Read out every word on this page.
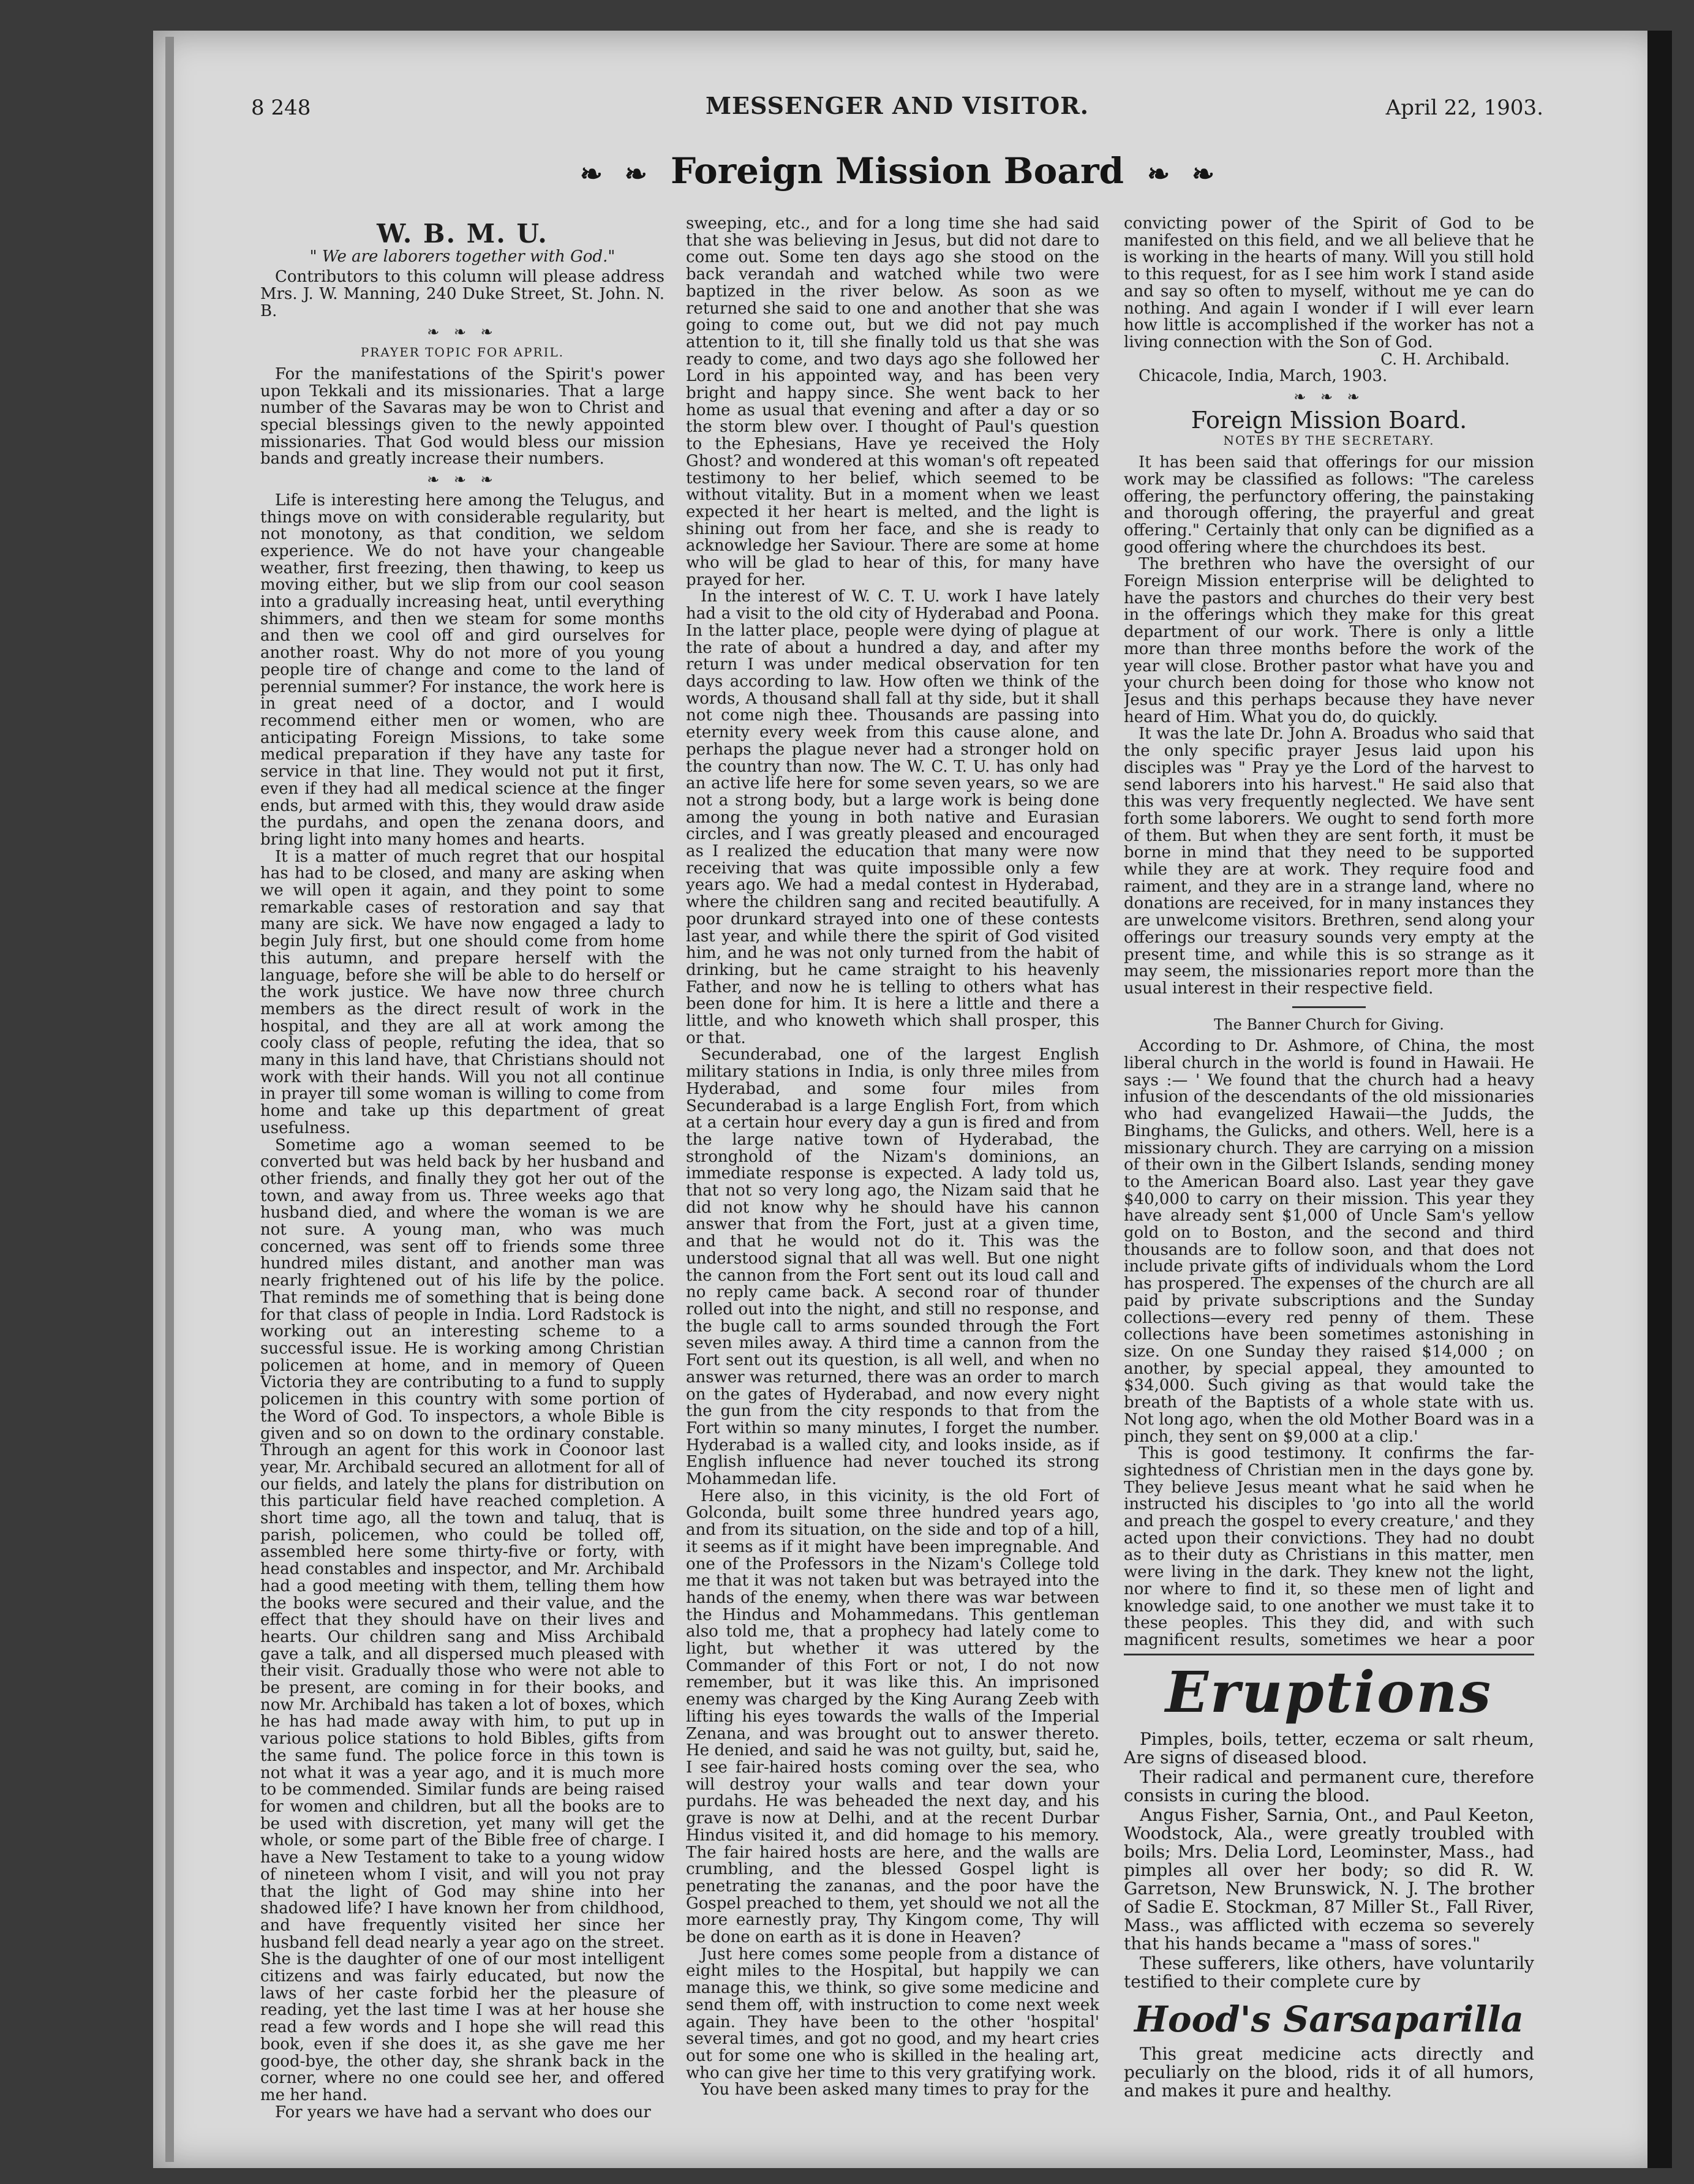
8 248	MESSENGER AND VISITOR.	April 22, 1903.
❧ ❧ Foreign Mission Board ❧ ❧
W. B. M. U.
" We are laborers together with God."

Contributors to this column will please address Mrs. J. W. Manning, 240 Duke Street, St. John. N. B.

❧ ❧ ❧
PRAYER TOPIC FOR APRIL.

For the manifestations of the Spirit's power upon Tekkali and its missionaries. That a large number of the Savaras may be won to Christ and special blessings given to the newly appointed missionaries. That God would bless our mission bands and greatly increase their numbers.

❧ ❧ ❧

Life is interesting here among the Telugus, and things move on with considerable regularity, but not monotony, as that condition, we seldom experience. We do not have your changeable weather, first freezing, then thawing, to keep us moving either, but we slip from our cool season into a gradually increasing heat, until everything shimmers, and then we steam for some months and then we cool off and gird ourselves for another roast. Why do not more of you young people tire of change and come to the land of perennial summer? For instance, the work here is in great need of a doctor, and I would recommend either men or women, who are anticipating Foreign Missions, to take some medical preparation if they have any taste for service in that line. They would not put it first, even if they had all medical science at the finger ends, but armed with this, they would draw aside the purdahs, and open the zenana doors, and bring light into many homes and hearts.

It is a matter of much regret that our hospital has had to be closed, and many are asking when we will open it again, and they point to some remarkable cases of restoration and say that many are sick. We have now engaged a lady to begin July first, but one should come from home this autumn, and prepare herself with the language, before she will be able to do herself or the work justice. We have now three church members as the direct result of work in the hospital, and they are all at work among the cooly class of people, refuting the idea, that so many in this land have, that Christians should not work with their hands. Will you not all continue in prayer till some woman is willing to come from home and take up this department of great usefulness.

Sometime ago a woman seemed to be converted but was held back by her husband and other friends, and finally they got her out of the town, and away from us. Three weeks ago that husband died, and where the woman is we are not sure. A young man, who was much concerned, was sent off to friends some three hundred miles distant, and another man was nearly frightened out of his life by the police. That reminds me of something that is being done for that class of people in India. Lord Radstock is working out an interesting scheme to a successful issue. He is working among Christian policemen at home, and in memory of Queen Victoria they are contributing to a fund to supply policemen in this country with some portion of the Word of God. To inspectors, a whole Bible is given and so on down to the ordinary constable. Through an agent for this work in Coonoor last year, Mr. Archibald secured an allotment for all of our fields, and lately the plans for distribution on this particular field have reached completion. A short time ago, all the town and taluq, that is parish, policemen, who could be tolled off, assembled here some thirty-five or forty, with head constables and inspector, and Mr. Archibald had a good meeting with them, telling them how the books were secured and their value, and the effect that they should have on their lives and hearts. Our children sang and Miss Archibald gave a talk, and all dispersed much pleased with their visit. Gradually those who were not able to be present, are coming in for their books, and now Mr. Archibald has taken a lot of boxes, which he has had made away with him, to put up in various police stations to hold Bibles, gifts from the same fund. The police force in this town is not what it was a year ago, and it is much more to be commended. Similar funds are being raised for women and children, but all the books are to be used with discretion, yet many will get the whole, or some part of the Bible free of charge. I have a New Testament to take to a young widow of nineteen whom I visit, and will you not pray that the light of God may shine into her shadowed life? I have known her from childhood, and have frequently visited her since her husband fell dead nearly a year ago on the street. She is the daughter of one of our most intelligent citizens and was fairly educated, but now the laws of her caste forbid her the pleasure of reading, yet the last time I was at her house she read a few words and I hope she will read this book, even if she does it, as she gave me her good-bye, the other day, she shrank back in the corner, where no one could see her, and offered me her hand.

For years we have had a servant who does our

sweeping, etc., and for a long time she had said that she was believing in Jesus, but did not dare to come out. Some ten days ago she stood on the back verandah and watched while two were baptized in the river below. As soon as we returned she said to one and another that she was going to come out, but we did not pay much attention to it, till she finally told us that she was ready to come, and two days ago she followed her Lord in his appointed way, and has been very bright and happy since. She went back to her home as usual that evening and after a day or so the storm blew over. I thought of Paul's question to the Ephesians, Have ye received the Holy Ghost? and wondered at this woman's oft repeated testimony to her belief, which seemed to be without vitality. But in a moment when we least expected it her heart is melted, and the light is shining out from her face, and she is ready to acknowledge her Saviour. There are some at home who will be glad to hear of this, for many have prayed for her.

In the interest of W. C. T. U. work I have lately had a visit to the old city of Hyderabad and Poona. In the latter place, people were dying of plague at the rate of about a hundred a day, and after my return I was under medical observation for ten days according to law. How often we think of the words, A thousand shall fall at thy side, but it shall not come nigh thee. Thousands are passing into eternity every week from this cause alone, and perhaps the plague never had a stronger hold on the country than now. The W. C. T. U. has only had an active life here for some seven years, so we are not a strong body, but a large work is being done among the young in both native and Eurasian circles, and I was greatly pleased and encouraged as I realized the education that many were now receiving that was quite impossible only a few years ago. We had a medal contest in Hyderabad, where the children sang and recited beautifully. A poor drunkard strayed into one of these contests last year, and while there the spirit of God visited him, and he was not only turned from the habit of drinking, but he came straight to his heavenly Father, and now he is telling to others what has been done for him. It is here a little and there a little, and who knoweth which shall prosper, this or that.

Secunderabad, one of the largest English military stations in India, is only three miles from Hyderabad, and some four miles from Secunderabad is a large English Fort, from which at a certain hour every day a gun is fired and from the large native town of Hyderabad, the stronghold of the Nizam's dominions, an immediate response is expected. A lady told us, that not so very long ago, the Nizam said that he did not know why he should have his cannon answer that from the Fort, just at a given time, and that he would not do it. This was the understood signal that all was well. But one night the cannon from the Fort sent out its loud call and no reply came back. A second roar of thunder rolled out into the night, and still no response, and the bugle call to arms sounded through the Fort seven miles away. A third time a cannon from the Fort sent out its question, is all well, and when no answer was returned, there was an order to march on the gates of Hyderabad, and now every night the gun from the city responds to that from the Fort within so many minutes, I forget the number. Hyderabad is a walled city, and looks inside, as if English influence had never touched its strong Mohammedan life.

Here also, in this vicinity, is the old Fort of Golconda, built some three hundred years ago, and from its situation, on the side and top of a hill, it seems as if it might have been impregnable. And one of the Professors in the Nizam's College told me that it was not taken but was betrayed into the hands of the enemy, when there was war between the Hindus and Mohammedans. This gentleman also told me, that a prophecy had lately come to light, but whether it was uttered by the Commander of this Fort or not, I do not now remember, but it was like this. An imprisoned enemy was charged by the King Aurang Zeeb with lifting his eyes towards the walls of the Imperial Zenana, and was brought out to answer thereto. He denied, and said he was not guilty, but, said he, I see fair-haired hosts coming over the sea, who will destroy your walls and tear down your purdahs. He was beheaded the next day, and his grave is now at Delhi, and at the recent Durbar Hindus visited it, and did homage to his memory. The fair haired hosts are here, and the walls are crumbling, and the blessed Gospel light is penetrating the zananas, and the poor have the Gospel preached to them, yet should we not all the more earnestly pray, Thy Kingom come, Thy will be done on earth as it is done in Heaven?

Just here comes some people from a distance of eight miles to the Hospital, but happily we can manage this, we think, so give some medicine and send them off, with instruction to come next week again. They have been to the other 'hospital' several times, and got no good, and my heart cries out for some one who is skilled in the healing art, who can give her time to this very gratifying work.

You have been asked many times to pray for the

convicting power of the Spirit of God to be manifested on this field, and we all believe that he is working in the hearts of many. Will you still hold to this request, for as I see him work I stand aside and say so often to myself, without me ye can do nothing. And again I wonder if I will ever learn how little is accomplished if the worker has not a living connection with the Son of God.

C. H. Archibald.

Chicacole, India, March, 1903.

❧ ❧ ❧
Foreign Mission Board.
NOTES BY THE SECRETARY.

It has been said that offerings for our mission work may be classified as follows: "The careless offering, the perfunctory offering, the painstaking and thorough offering, the prayerful and great offering." Certainly that only can be dignified as a good offering where the churchdoes its best.

The brethren who have the oversight of our Foreign Mission enterprise will be delighted to have the pastors and churches do their very best in the offerings which they make for this great department of our work. There is only a little more than three months before the work of the year will close. Brother pastor what have you and your church been doing for those who know not Jesus and this perhaps because they have never heard of Him. What you do, do quickly.

It was the late Dr. John A. Broadus who said that the only specific prayer Jesus laid upon his disciples was " Pray ye the Lord of the harvest to send laborers into his harvest." He said also that this was very frequently neglected. We have sent forth some laborers. We ought to send forth more of them. But when they are sent forth, it must be borne in mind that they need to be supported while they are at work. They require food and raiment, and they are in a strange land, where no donations are received, for in many instances they are unwelcome visitors. Brethren, send along your offerings our treasury sounds very empty at the present time, and while this is so strange as it may seem, the missionaries report more than the usual interest in their respective field.

The Banner Church for Giving.

According to Dr. Ashmore, of China, the most liberal church in the world is found in Hawaii. He says :— ' We found that the church had a heavy infusion of the descendants of the old missionaries who had evangelized Hawaii—the Judds, the Binghams, the Gulicks, and others. Well, here is a missionary church. They are carrying on a mission of their own in the Gilbert Islands, sending money to the American Board also. Last year they gave $40,000 to carry on their mission. This year they have already sent $1,000 of Uncle Sam's yellow gold on to Boston, and the second and third thousands are to follow soon, and that does not include private gifts of individuals whom the Lord has prospered. The expenses of the church are all paid by private subscriptions and the Sunday collections—every red penny of them. These collections have been sometimes astonishing in size. On one Sunday they raised $14,000 ; on another, by special appeal, they amounted to $34,000. Such giving as that would take the breath of the Baptists of a whole state with us. Not long ago, when the old Mother Board was in a pinch, they sent on $9,000 at a clip.'

This is good testimony. It confirms the far-sightedness of Christian men in the days gone by. They believe Jesus meant what he said when he instructed his disciples to 'go into all the world and preach the gospel to every creature,' and they acted upon their convictions. They had no doubt as to their duty as Christians in this matter, men were living in the dark. They knew not the light, nor where to find it, so these men of light and knowledge said, to one another we must take it to these peoples. This they did, and with such magnificent results, sometimes we hear a poor

Eruptions

Pimples, boils, tetter, eczema or salt rheum, Are signs of diseased blood.

Their radical and permanent cure, therefore consists in curing the blood.

Angus Fisher, Sarnia, Ont., and Paul Keeton, Woodstock, Ala., were greatly troubled with boils; Mrs. Delia Lord, Leominster, Mass., had pimples all over her body; so did R. W. Garretson, New Brunswick, N. J. The brother of Sadie E. Stockman, 87 Miller St., Fall River, Mass., was afflicted with eczema so severely that his hands became a "mass of sores."

These sufferers, like others, have voluntarily testified to their complete cure by

Hood's Sarsaparilla

This great medicine acts directly and peculiarly on the blood, rids it of all humors, and makes it pure and healthy.
